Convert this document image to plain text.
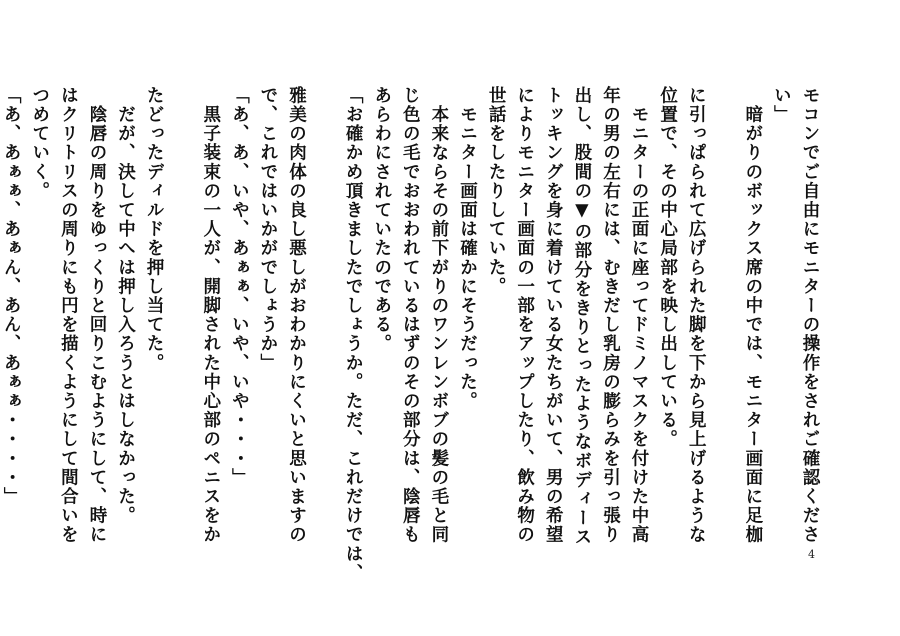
モコンでご自由にモニターの操作をされご確認くださ

い」

　暗がりのボックス席の中では、モニター画面に足枷

に引っぱられて広げられた脚を下から見上げるような

位置で、その中心局部を映し出している。

　モニターの正面に座ってドミノマスクを付けた中高

年の男の左右には、むきだし乳房の膨らみを引っ張り

出し、股間の▼の部分をきりとったようなボディース

トッキングを身に着けている女たちがいて、男の希望

によりモニター画面の一部をアップしたり、飲み物の

世話をしたりしていた。

　モニター画面は確かにそうだった。

　本来ならその前下がりのワンレンボブの髪の毛と同

じ色の毛でおおわれているはずのその部分は、陰唇も

あらわにされていたのである。

「お確かめ頂きましたでしょうか。ただ、これだけでは、

雅美の肉体の良し悪しがおわかりにくいと思いますの

で、これではいかがでしょうか」

「あ、あ、いや、あぁぁ、いや、いや・・・」

　黒子装束の一人が、開脚された中心部のペニスをか

たどったディルドを押し当てた。

　だが、決して中へは押し入ろうとはしなかった。

　陰唇の周りをゆっくりと回りこむようにして、時に

はクリトリスの周りにも円を描くようにして間合いを

つめていく。

「あ、あぁぁ、あぁん、あん、あぁぁ・・・・」

4
